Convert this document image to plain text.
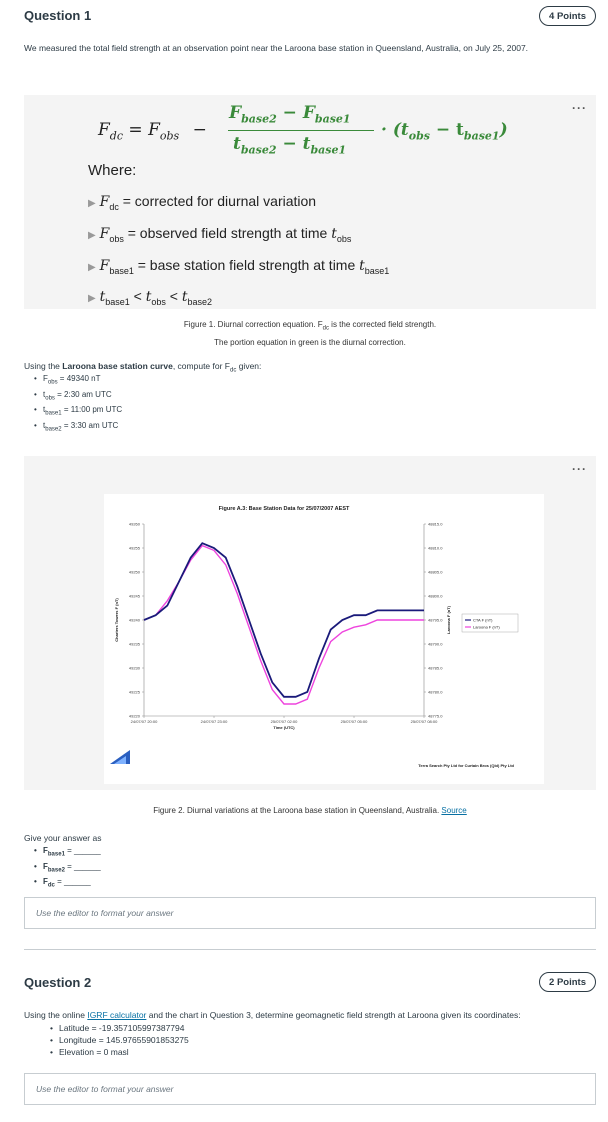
Question 1	4 Points
We measured the total field strength at an observation point near the Laroona base station in Queensland, Australia, on July 25, 2007.
···
$F_{dc} = F_{obs}$ −
$F_{base2} - F_{base1}$
$t_{base2} - t_{base1}$
· $(t_{obs} - t_{base1})$
Where:
▶ $F_{dc}$ = corrected for diurnal variation
▶ $F_{obs}$ = observed field strength at time $t_{obs}$
▶ $F_{base1}$ = base station field strength at time $t_{base1}$
▶ $t_{base1} < t_{obs} < t_{base2}$
Figure 1. Diurnal correction equation. $F_{dc}$ is the corrected field strength.
The portion equation in green is the diurnal correction.
Using the Laroona base station curve, compute for $F_{dc}$ given:
• $F_{obs} = 49340$ nT
• $t_{obs}$ = 2:30 am UTC
• $t_{base1}$ = 11:00 pm UTC
• $t_{base2}$ = 3:30 am UTC
···
Figure A.3: Base Station Data for 25/07/2007 AEST
49260
49255
49250
49245
49240
49235
49230
49225
49220
48815.0
48810.0
48805.0
48800.0
48795.0
48790.0
48785.0
48780.0
48775.0
24/07/07 20:00	24/07/07 23:00	25/07/07 02:00	25/07/07 05:00	25/07/07 08:00
Time (UTC)
Charters Towers F (nT)	Laroona F (nT)	CTA F (nT)
Laroona F (nT)
Terra Search Pty Ltd for Curtain Bros (Qld) Pty Ltd
Figure 2. Diurnal variations at the Laroona base station in Queensland, Australia. Source
Give your answer as
• $F_{base1}$ = ______
• $F_{base2}$ = ______
• $F_{dc}$ = ______
Use the editor to format your answer
Question 2	2 Points
Using the online IGRF calculator and the chart in Question 3, determine geomagnetic field strength at Laroona given its coordinates:
• Latitude = -19.357105997387794
• Longitude = 145.97655901853275
• Elevation = 0 masl
Use the editor to format your answer
